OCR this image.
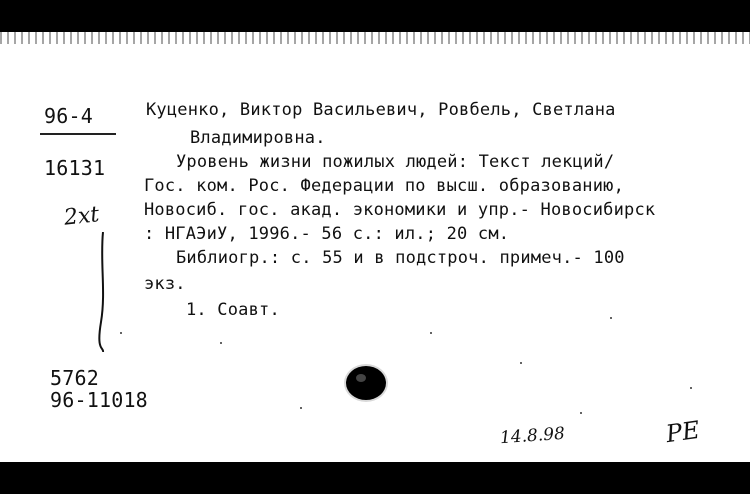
96-4
16131
2xt
Куценко, Виктор Васильевич, Ровбель, Светлана
Владимировна.
Уровень жизни пожилых людей: Текст лекций/
Гос. ком. Рос. Федерации по высш. образованию,
Новосиб. гос. акад. экономики и упр.- Новосибирск
: НГАЭиУ, 1996.- 56 с.: ил.; 20 см.
Библиогр.: с. 55 и в подстроч. примеч.- 100
экз.
1. Соавт.
5762
96-11018
14.8.98	РЕ
